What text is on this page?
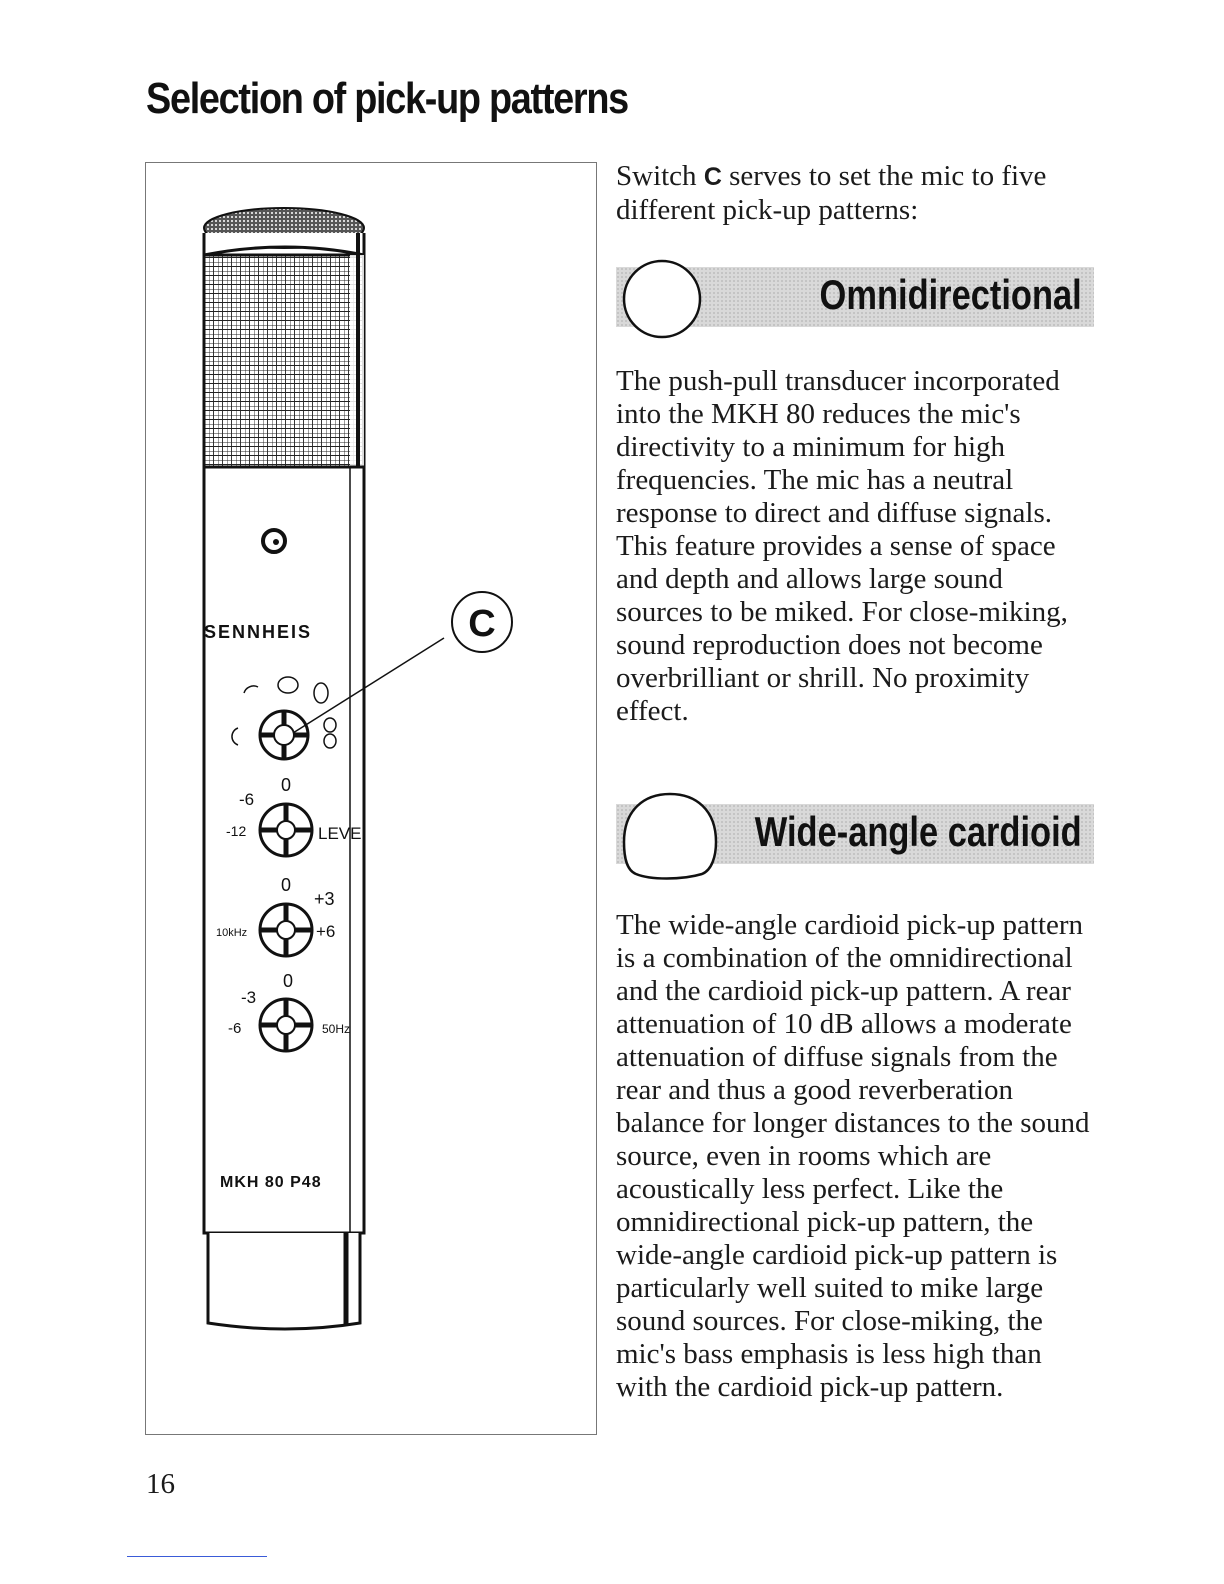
Selection of pick-up patterns
SENNHEIS	C
0
-6
-12	LEVE
0
+3
+6
10kHz
0
-3
-6	50Hz
MKH 80 P48

Switch C serves to set the mic to five different pick-up patterns:

Omnidirectional

The push-pull transducer incorporated into the MKH 80 reduces the mic's directivity to a minimum for high frequencies. The mic has a neutral response to direct and diffuse signals. This feature provides a sense of space and depth and allows large sound sources to be miked. For close-miking, sound reproduction does not become overbrilliant or shrill. No proximity effect.

Wide-angle cardioid

The wide-angle cardioid pick-up pattern is a combination of the omnidirectional and the cardioid pick-up pattern. A rear attenuation of 10 dB allows a moderate attenuation of diffuse signals from the rear and thus a good reverberation balance for longer distances to the sound source, even in rooms which are acoustically less perfect. Like the omnidirectional pick-up pattern, the wide-angle cardioid pick-up pattern is particularly well suited to mike large sound sources. For close-miking, the mic's bass emphasis is less high than with the cardioid pick-up pattern.

16
